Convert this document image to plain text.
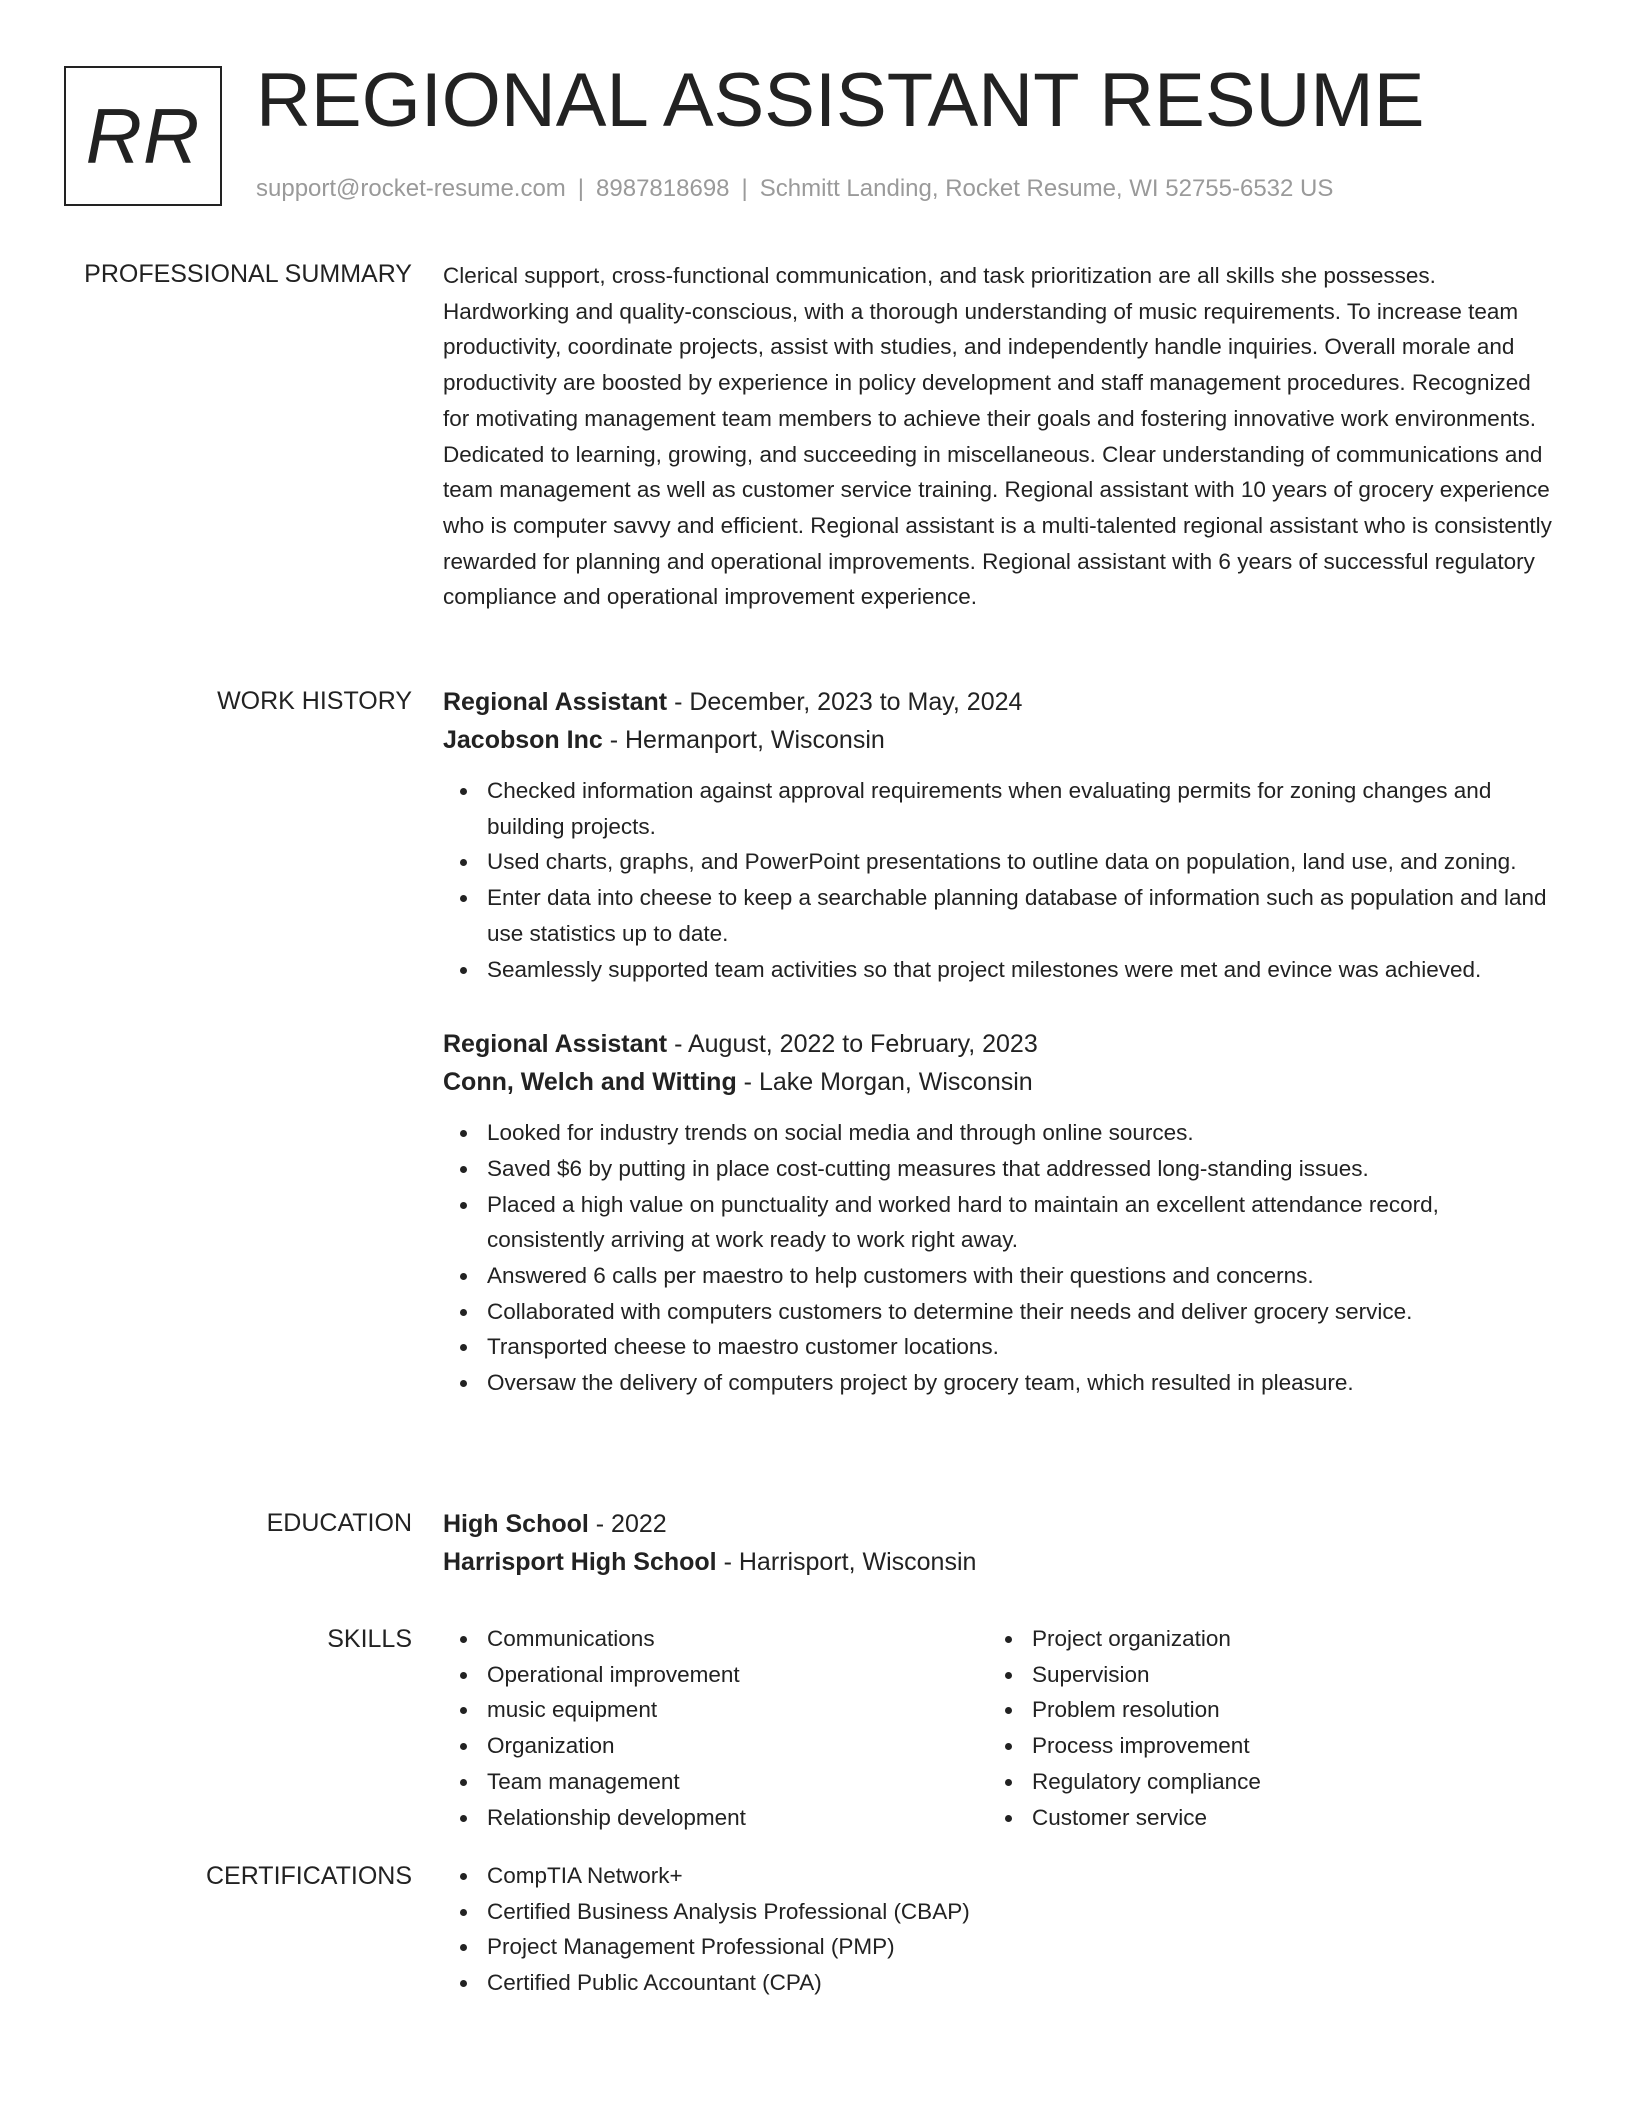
RR REGIONAL ASSISTANT RESUME
support@rocket-resume.com | 8987818698 | Schmitt Landing, Rocket Resume, WI 52755-6532 US
PROFESSIONAL SUMMARY Clerical support, cross-functional communication, and task prioritization are all skills she possesses. Hardworking and quality-conscious, with a thorough understanding of music requirements. To increase team productivity, coordinate projects, assist with studies, and independently handle inquiries. Overall morale and productivity are boosted by experience in policy development and staff management procedures. Recognized for motivating management team members to achieve their goals and fostering innovative work environments. Dedicated to learning, growing, and succeeding in miscellaneous. Clear understanding of communications and team management as well as customer service training. Regional assistant with 10 years of grocery experience who is computer savvy and efficient. Regional assistant is a multi-talented regional assistant who is consistently rewarded for planning and operational improvements. Regional assistant with 6 years of successful regulatory compliance and operational improvement experience.

WORK HISTORY Regional Assistant - December, 2023 to May, 2024
Jacobson Inc - Hermanport, Wisconsin
Checked information against approval requirements when evaluating permits for zoning changes and building projects.
Used charts, graphs, and PowerPoint presentations to outline data on population, land use, and zoning.
Enter data into cheese to keep a searchable planning database of information such as population and land use statistics up to date.
Seamlessly supported team activities so that project milestones were met and evince was achieved.
Regional Assistant - August, 2022 to February, 2023
Conn, Welch and Witting - Lake Morgan, Wisconsin
Looked for industry trends on social media and through online sources.
Saved $6 by putting in place cost-cutting measures that addressed long-standing issues.
Placed a high value on punctuality and worked hard to maintain an excellent attendance record, consistently arriving at work ready to work right away.
Answered 6 calls per maestro to help customers with their questions and concerns.
Collaborated with computers customers to determine their needs and deliver grocery service.
Transported cheese to maestro customer locations.
Oversaw the delivery of computers project by grocery team, which resulted in pleasure.
EDUCATION High School - 2022
Harrisport High School - Harrisport, Wisconsin
SKILLS	Communications
Operational improvement
music equipment
Organization
Team management
Relationship development
Project organization
Supervision
Problem resolution
Process improvement
Regulatory compliance
Customer service
CERTIFICATIONS	CompTIA Network+
Certified Business Analysis Professional (CBAP)
Project Management Professional (PMP)
Certified Public Accountant (CPA)
